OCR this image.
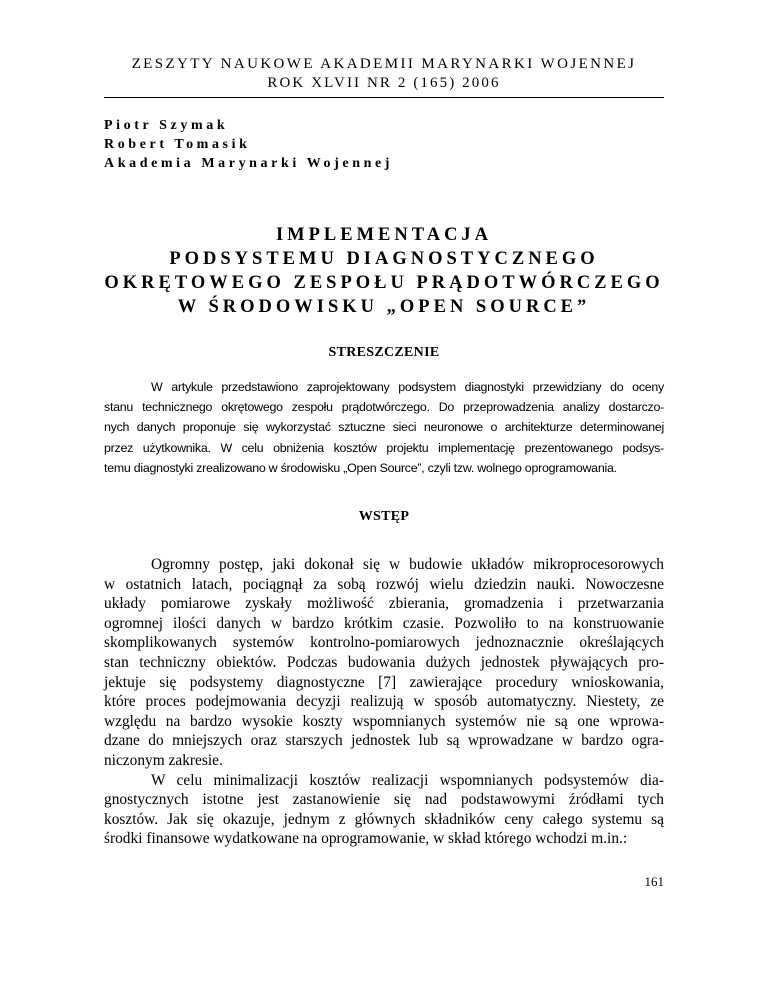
ZESZYTY NAUKOWE AKADEMII MARYNARKI WOJENNEJ
ROK XLVII NR 2 (165) 2006
Piotr Szymak
Robert Tomasik
Akademia Marynarki Wojennej
IMPLEMENTACJA
PODSYSTEMU DIAGNOSTYCZNEGO
OKRĘTOWEGO ZESPOŁU PRĄDOTWÓRCZEGO
W ŚRODOWISKU „OPEN SOURCE”
STRESZCZENIE
W artykule przedstawiono zaprojektowany podsystem diagnostyki przewidziany do oceny
stanu technicznego okrętowego zespołu prądotwórczego. Do przeprowadzenia analizy dostarczo-
nych danych proponuje się wykorzystać sztuczne sieci neuronowe o architekturze determinowanej
przez użytkownika. W celu obniżenia kosztów projektu implementację prezentowanego podsys-
temu diagnostyki zrealizowano w środowisku „Open Source”, czyli tzw. wolnego oprogramowania.
WSTĘP
Ogromny postęp, jaki dokonał się w budowie układów mikroprocesorowych
w ostatnich latach, pociągnął za sobą rozwój wielu dziedzin nauki. Nowoczesne
układy pomiarowe zyskały możliwość zbierania, gromadzenia i przetwarzania
ogromnej ilości danych w bardzo krótkim czasie. Pozwoliło to na konstruowanie
skomplikowanych systemów kontrolno-pomiarowych jednoznacznie określających
stan techniczny obiektów. Podczas budowania dużych jednostek pływających pro-
jektuje się podsystemy diagnostyczne [7] zawierające procedury wnioskowania,
które proces podejmowania decyzji realizują w sposób automatyczny. Niestety, ze
względu na bardzo wysokie koszty wspomnianych systemów nie są one wprowa-
dzane do mniejszych oraz starszych jednostek lub są wprowadzane w bardzo ogra-
niczonym zakresie.
W celu minimalizacji kosztów realizacji wspomnianych podsystemów dia-
gnostycznych istotne jest zastanowienie się nad podstawowymi źródłami tych
kosztów. Jak się okazuje, jednym z głównych składników ceny całego systemu są
środki finansowe wydatkowane na oprogramowanie, w skład którego wchodzi m.in.:
161
